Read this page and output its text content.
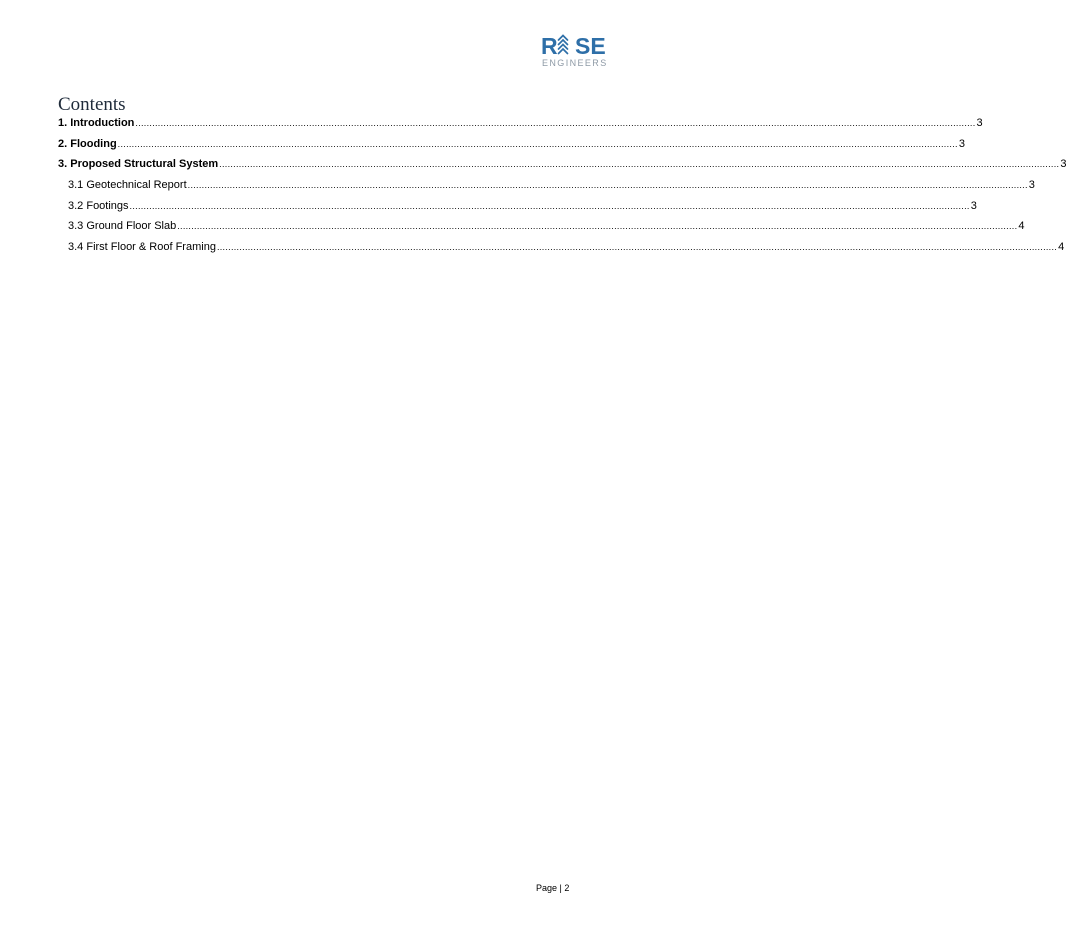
R SE
ENGINEERS
Contents
1. Introduction ............................................................................................................................................................................................................................................................................................................ 3
2. Flooding ............................................................................................................................................................................................................................................................................................................ 3
3. Proposed Structural System ............................................................................................................................................................................................................................................................................................................ 3
3.1 Geotechnical Report ............................................................................................................................................................................................................................................................................................................ 3
3.2 Footings ............................................................................................................................................................................................................................................................................................................ 3
3.3 Ground Floor Slab ............................................................................................................................................................................................................................................................................................................ 4
3.4 First Floor & Roof Framing ............................................................................................................................................................................................................................................................................................................ 4
Page | 2
